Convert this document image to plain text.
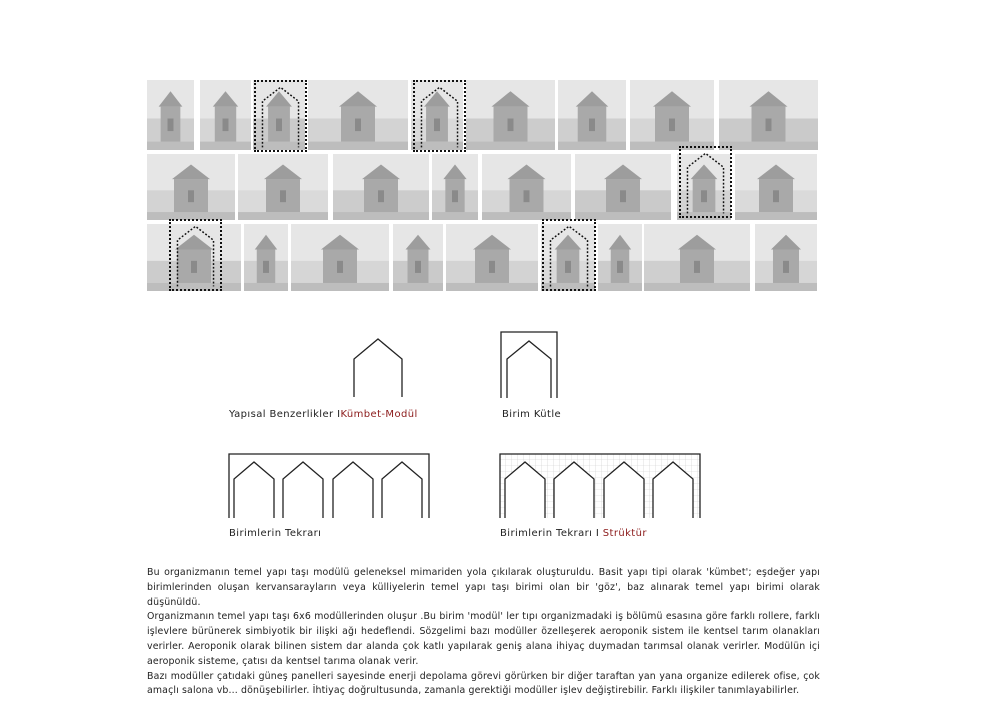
Yapısal Benzerlikler IKümbet-Modül	Birim Kütle
Birimlerin Tekrarı	Birimlerin Tekrarı I Strüktür

Bu organizmanın temel yapı taşı modülü geleneksel mimariden yola çıkılarak oluşturuldu. Basit yapı tipi olarak 'kümbet'; eşdeğer yapı birimlerinden oluşan kervansarayların veya külliyelerin temel yapı taşı birimi olan bir 'göz', baz alınarak temel yapı birimi olarak düşünüldü.

Organizmanın temel yapı taşı 6x6 modüllerinden oluşur .Bu birim 'modül' ler tıpı organizmadaki iş bölümü esasına göre farklı rollere, farklı işlevlere bürünerek simbiyotik bir ilişki ağı hedeflendi. Sözgelimi bazı modüller özelleşerek aeroponik sistem ile kentsel tarım olanakları verirler. Aeroponik olarak bilinen sistem dar alanda çok katlı yapılarak geniş alana ihiyaç duymadan tarımsal olanak verirler. Modülün içi aeroponik sisteme, çatısı da kentsel tarıma olanak verir.

Bazı modüller çatıdaki güneş panelleri sayesinde enerji depolama görevi görürken bir diğer taraftan yan yana organize edilerek ofise, çok amaçlı salona vb... dönüşebilirler. İhtiyaç doğrultusunda, zamanla gerektiği modüller işlev değiştirebilir. Farklı ilişkiler tanımlayabilirler.
